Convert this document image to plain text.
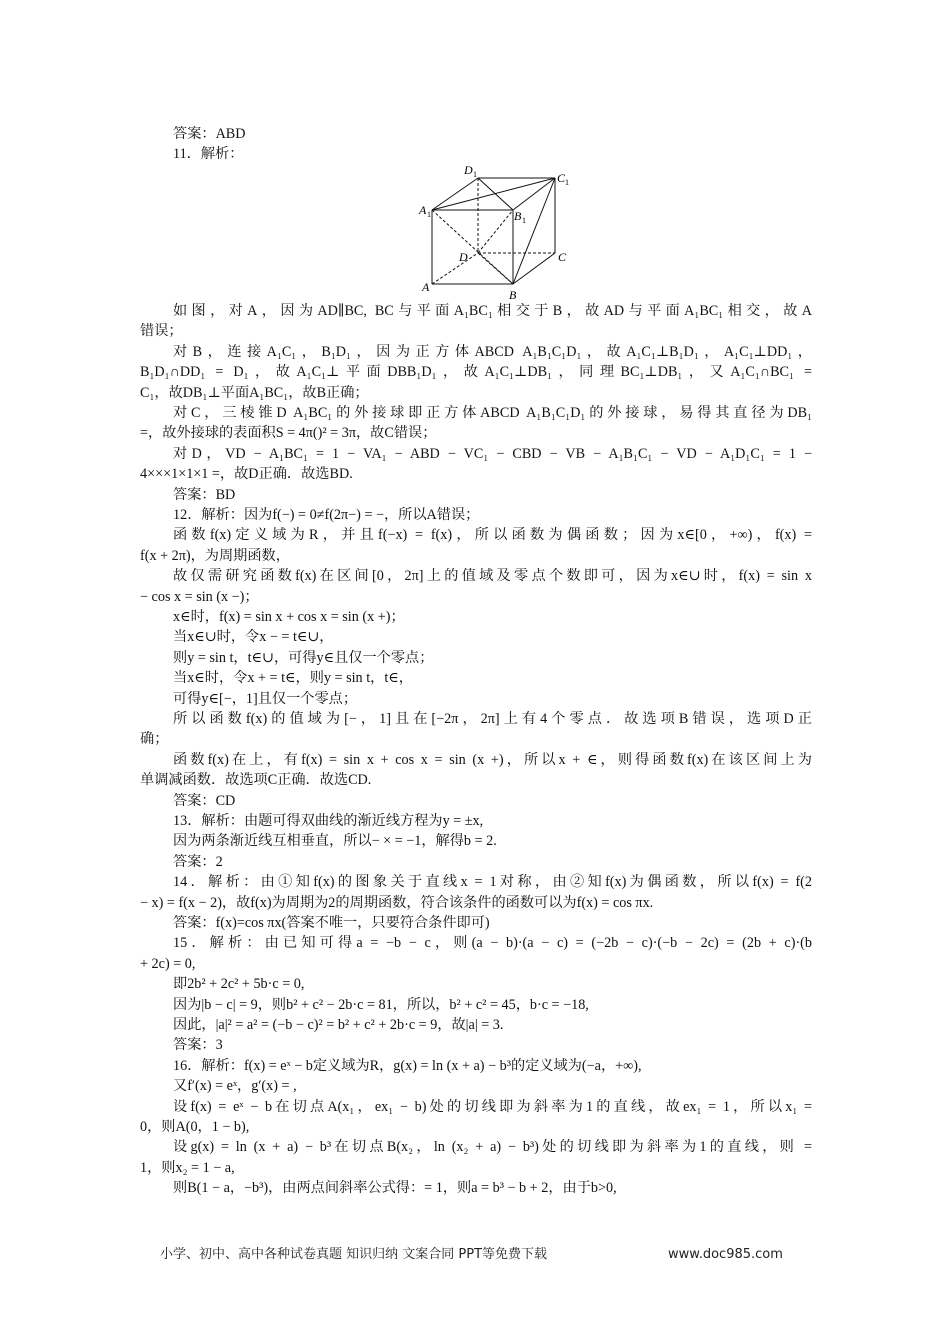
答案：ABD
11．解析：
D 1	C 1
A 1	B 1
D	C
A
B
如图，对A，因为AD∥BC, BC与平面A₁BC₁相交于B，故AD与平面A₁BC₁相交，故A
错误；
对B，连接A₁C₁，B₁D₁，因为正方体ABCD A₁B₁C₁D₁，故A₁C₁⊥B₁D₁，A₁C₁⊥DD₁，
B₁D₁∩DD₁ = D₁，故A₁C₁⊥平面DBB₁D₁，故A₁C₁⊥DB₁，同理BC₁⊥DB₁，又A₁C₁∩BC₁ =
C₁，故DB₁⊥平面A₁BC₁，故B正确；
对C，三棱锥D A₁BC₁的外接球即正方体ABCD A₁B₁C₁D₁的外接球，易得其直径为DB₁
=，故外接球的表面积S = 4π()² = 3π，故C错误；
对D，VD − A₁BC₁ = 1 − VA₁ − ABD − VC₁ − CBD − VB − A₁B₁C₁ − VD − A₁D₁C₁ = 1 −
4×××1×1×1 =，故D正确．故选BD.
答案：BD
12．解析：因为f(−) = 0≠f(2π−) = −，所以A错误；
函数f(x)定义域为R，并且f(−x) = f(x)，所以函数为偶函数；因为x∈[0，+∞)，f(x) =
f(x + 2π)，为周期函数，
故仅需研究函数f(x)在区间[0，2π]上的值域及零点个数即可，因为x∈∪时，f(x) = sin x
− cos x = sin (x −)；
x∈时，f(x) = sin x + cos x = sin (x +)；
当x∈∪时，令x − = t∈∪，
则y = sin t，t∈∪，可得y∈且仅一个零点；
当x∈时，令x + = t∈，则y = sin t，t∈，
可得y∈[−，1]且仅一个零点；
所以函数f(x)的值域为[−，1]且在[−2π，2π]上有4个零点．故选项B错误，选项D正
确；
函数f(x)在上，有f(x) = sin x + cos x = sin (x +)，所以x + ∈，则得函数f(x)在该区间上为
单调减函数．故选项C正确．故选CD.
答案：CD
13．解析：由题可得双曲线的渐近线方程为y = ±x,
因为两条渐近线互相垂直，所以− × = −1，解得b = 2.
答案：2
14．解析：由①知f(x)的图象关于直线x = 1对称，由②知f(x)为偶函数，所以f(x) = f(2
− x) = f(x − 2)，故f(x)为周期为2的周期函数，符合该条件的函数可以为f(x) = cos πx.
答案：f(x)=cos πx(答案不唯一，只要符合条件即可)
15．解析：由已知可得a = −b − c，则(a − b)·(a − c) = (−2b − c)·(−b − 2c) = (2b + c)·(b
+ 2c) = 0,
即2b² + 2c² + 5b·c = 0,
因为|b − c| = 9，则b² + c² − 2b·c = 81，所以，b² + c² = 45，b·c = −18,
因此，|a|² = a² = (−b − c)² = b² + c² + 2b·c = 9，故|a| = 3.
答案：3
16．解析：f(x) = eˣ − b定义域为R，g(x) = ln (x + a) − b³的定义域为(−a，+∞),
又f′(x) = eˣ，g′(x) = ,
设f(x) = eˣ − b在切点A(x₁，ex₁ − b)处的切线即为斜率为1的直线，故ex₁ = 1，所以x₁ =
0，则A(0，1 − b),
设g(x) = ln (x + a) − b³在切点B(x₂，ln (x₂ + a) − b³)处的切线即为斜率为1的直线，则 =
1，则x₂ = 1 − a,
则B(1 − a，−b³)，由两点间斜率公式得：= 1，则a = b³ − b + 2，由于b>0,
小学、初中、高中各种试卷真题 知识归纳 文案合同 PPT等免费下载	www.doc985.com
